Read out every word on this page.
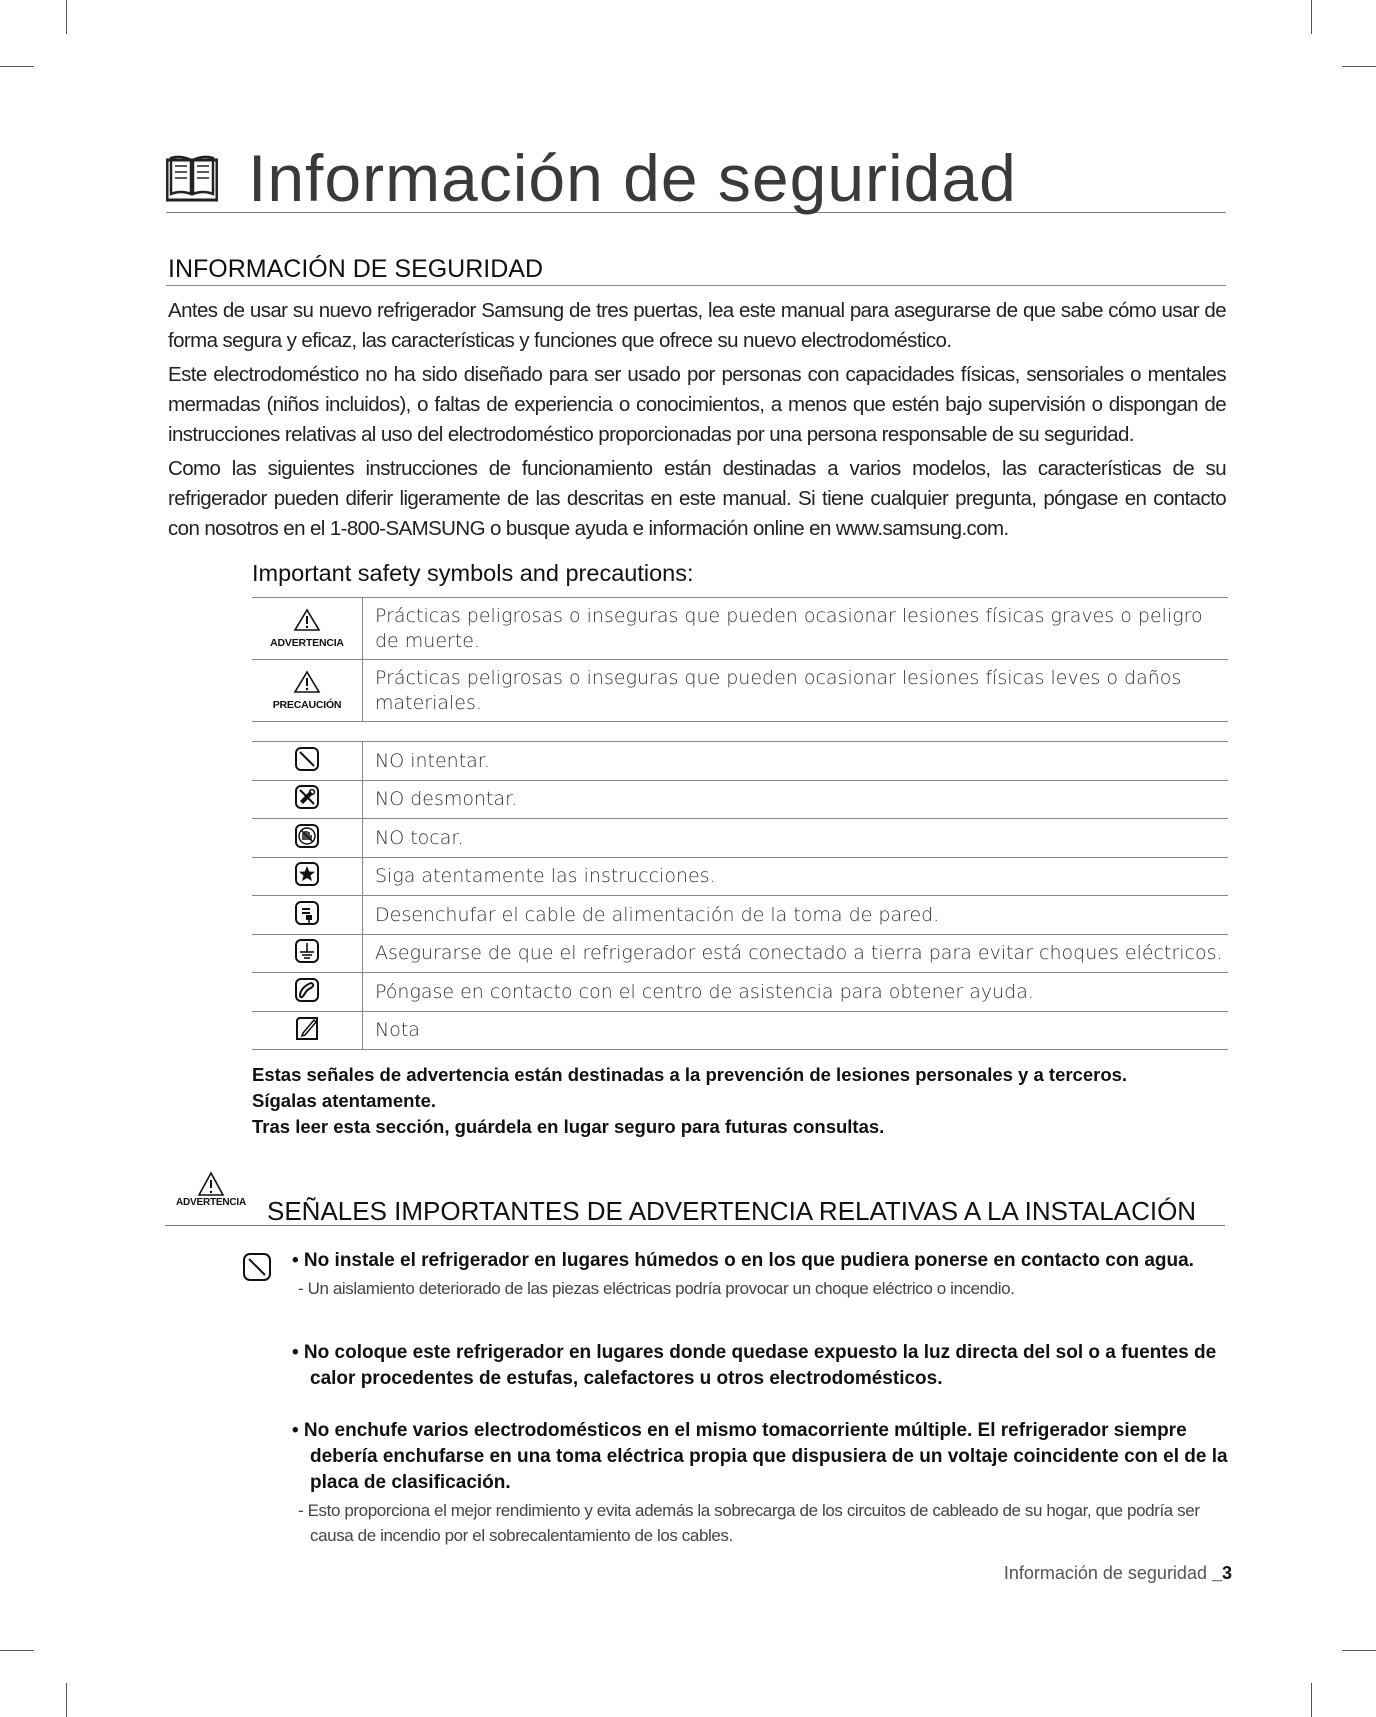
Información de seguridad
INFORMACIÓN DE SEGURIDAD

Antes de usar su nuevo refrigerador Samsung de tres puertas, lea este manual para asegurarse de que sabe cómo usar de forma segura y eficaz, las características y funciones que ofrece su nuevo electrodoméstico.

Este electrodoméstico no ha sido diseñado para ser usado por personas con capacidades físicas, sensoriales o mentales mermadas (niños incluidos), o faltas de experiencia o conocimientos, a menos que estén bajo supervisión o dispongan de instrucciones relativas al uso del electrodoméstico proporcionadas por una persona responsable de su seguridad.

Como las siguientes instrucciones de funcionamiento están destinadas a varios modelos, las características de su refrigerador pueden diferir ligeramente de las descritas en este manual. Si tiene cualquier pregunta, póngase en contacto con nosotros en el 1-800-SAMSUNG o busque ayuda e información online en www.samsung.com.

Important safety symbols and precautions:
ADVERTENCIA	Prácticas peligrosas o inseguras que pueden ocasionar lesiones físicas graves o peligro de muerte.

PRECAUCIÓN	Prácticas peligrosas o inseguras que pueden ocasionar lesiones físicas leves o daños materiales.
	NO intentar.
	NO desmontar.
	NO tocar.
	Siga atentamente las instrucciones.
	Desenchufar el cable de alimentación de la toma de pared.
	Asegurarse de que el refrigerador está conectado a tierra para evitar choques eléctricos.
	Póngase en contacto con el centro de asistencia para obtener ayuda.
	Nota

Estas señales de advertencia están destinadas a la prevención de lesiones personales y a terceros.

Sígalas atentamente.

Tras leer esta sección, guárdela en lugar seguro para futuras consultas.

ADVERTENCIA SEÑALES IMPORTANTES DE ADVERTENCIA RELATIVAS A LA INSTALACIÓN
• No instale el refrigerador en lugares húmedos o en los que pudiera ponerse en contacto con agua.
- Un aislamiento deteriorado de las piezas eléctricas podría provocar un choque eléctrico o incendio.
• No coloque este refrigerador en lugares donde quedase expuesto la luz directa del sol o a fuentes de calor procedentes de estufas, calefactores u otros electrodomésticos.
• No enchufe varios electrodomésticos en el mismo tomacorriente múltiple. El refrigerador siempre debería enchufarse en una toma eléctrica propia que dispusiera de un voltaje coincidente con el de la placa de clasificación.
- Esto proporciona el mejor rendimiento y evita además la sobrecarga de los circuitos de cableado de su hogar, que podría ser causa de incendio por el sobrecalentamiento de los cables.
Información de seguridad _3
